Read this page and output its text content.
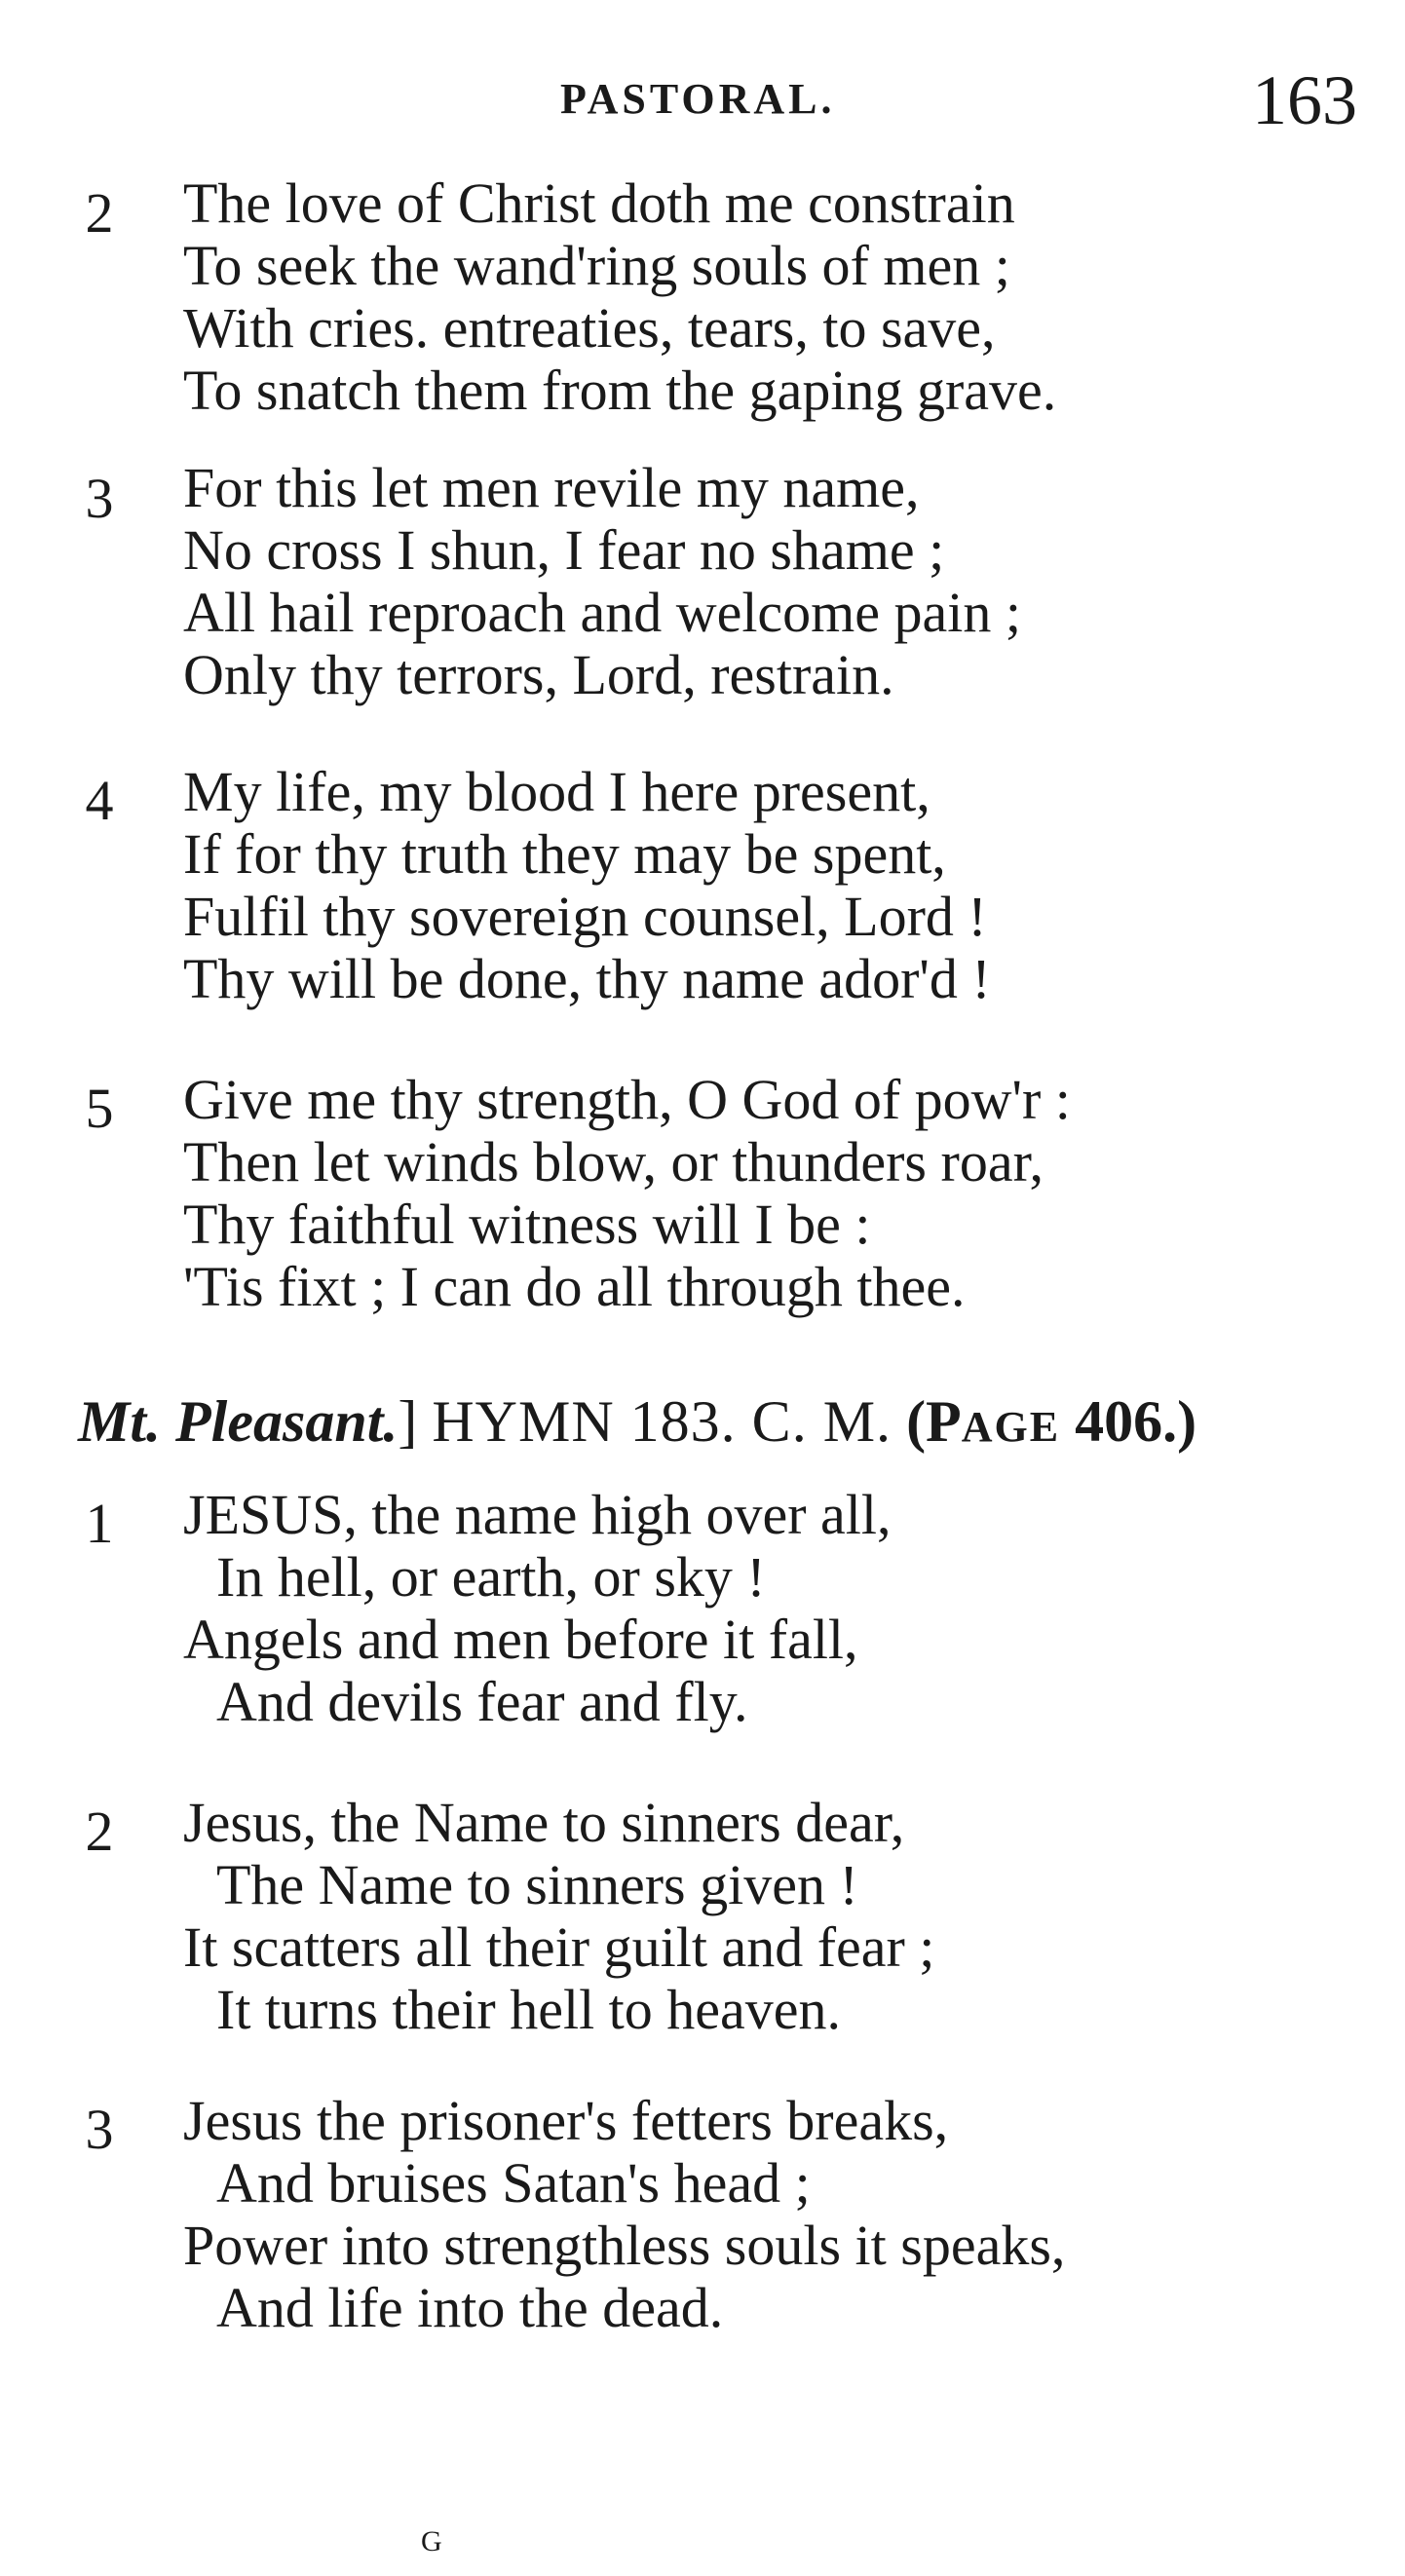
PASTORAL.	163
2 The love of Christ doth me constrain
To seek the wand'ring souls of men ;
With cries. entreaties, tears, to save,
To snatch them from the gaping grave.
3 For this let men revile my name,
No cross I shun, I fear no shame ;
All hail reproach and welcome pain ;
Only thy terrors, Lord, restrain.
4 My life, my blood I here present,
If for thy truth they may be spent,
Fulfil thy sovereign counsel, Lord !
Thy will be done, thy name ador'd !
5 Give me thy strength, O God of pow'r :
Then let winds blow, or thunders roar,
Thy faithful witness will I be :
'Tis fixt ; I can do all through thee.
Mt. Pleasant.] HYMN 183. C. M. (PAGE 406.)
1 JESUS, the name high over all,
In hell, or earth, or sky !
Angels and men before it fall,
And devils fear and fly.
2 Jesus, the Name to sinners dear,
The Name to sinners given !
It scatters all their guilt and fear ;
It turns their hell to heaven.
3 Jesus the prisoner's fetters breaks,
And bruises Satan's head ;
Power into strengthless souls it speaks,
And life into the dead.
G
